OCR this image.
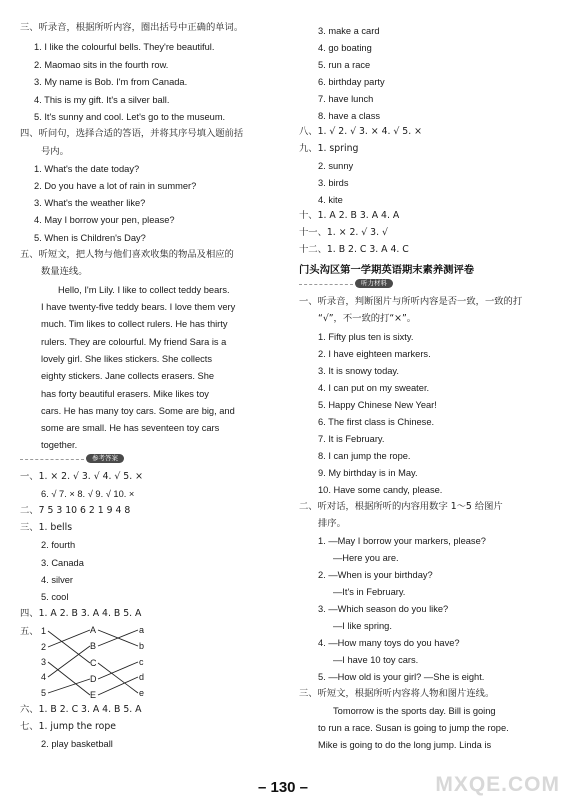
三、听录音，根据所听内容，圈出括号中正确的单词。
1. I like the colourful bells. They're beautiful.
2. Maomao sits in the fourth row.
3. My name is Bob. I'm from Canada.
4. This is my gift. It's a silver ball.
5. It's sunny and cool. Let's go to the museum.
四、听问句，选择合适的答语，并将其序号填入题前括
号内。
1. What's the date today?
2. Do you have a lot of rain in summer?
3. What's the weather like?
4. May I borrow your pen, please?
5. When is Children's Day?
五、听短文，把人物与他们喜欢收集的物品及相应的
数量连线。
Hello, I'm Lily. I like to collect teddy bears.
I have twenty-five teddy bears. I love them very
much. Tim likes to collect rulers. He has thirty
rulers. They are colourful. My friend Sara is a
lovely girl. She likes stickers. She collects
eighty stickers. Jane collects erasers. She
has forty beautiful erasers. Mike likes toy
cars. He has many toy cars. Some are big, and
some are small. He has seventeen toy cars
together.
参考答案
一、1. × 2. √ 3. √ 4. √ 5. ×
6. √ 7. × 8. √ 9. √ 10. ×
二、7 5 3 10 6 2 1 9 4 8
三、1. bells
2. fourth
3. Canada
4. silver
5. cool
四、1. A 2. B 3. A 4. B 5. A
五、 1
2
3
4
5
A
B
C
D
E
a
b
c
d
e
六、1. B 2. C 3. A 4. B 5. A
七、1. jump the rope
2. play basketball
3. make a card
4. go boating
5. run a race
6. birthday party
7. have lunch
8. have a class
八、1. √ 2. √ 3. × 4. √ 5. ×
九、1. spring
2. sunny
3. birds
4. kite
十、1. A 2. B 3. A 4. A
十一、1. × 2. √ 3. √
十二、1. B 2. C 3. A 4. C
门头沟区第一学期英语期末素养测评卷
听力材料
一、听录音，判断图片与所听内容是否一致，一致的打
“√”，不一致的打“×”。
1. Fifty plus ten is sixty.
2. I have eighteen markers.
3. It is snowy today.
4. I can put on my sweater.
5. Happy Chinese New Year!
6. The first class is Chinese.
7. It is February.
8. I can jump the rope.
9. My birthday is in May.
10. Have some candy, please.
二、听对话，根据所听的内容用数字 1～5 给图片
排序。
1. —May I borrow your markers, please?
—Here you are.
2. —When is your birthday?
—It's in February.
3. —Which season do you like?
—I like spring.
4. —How many toys do you have?
—I have 10 toy cars.
5. —How old is your girl? —She is eight.
三、听短文，根据所听内容将人物和图片连线。
Tomorrow is the sports day. Bill is going
to run a race. Susan is going to jump the rope.
Mike is going to do the long jump. Linda is
– 130 –	MXQE.COM
